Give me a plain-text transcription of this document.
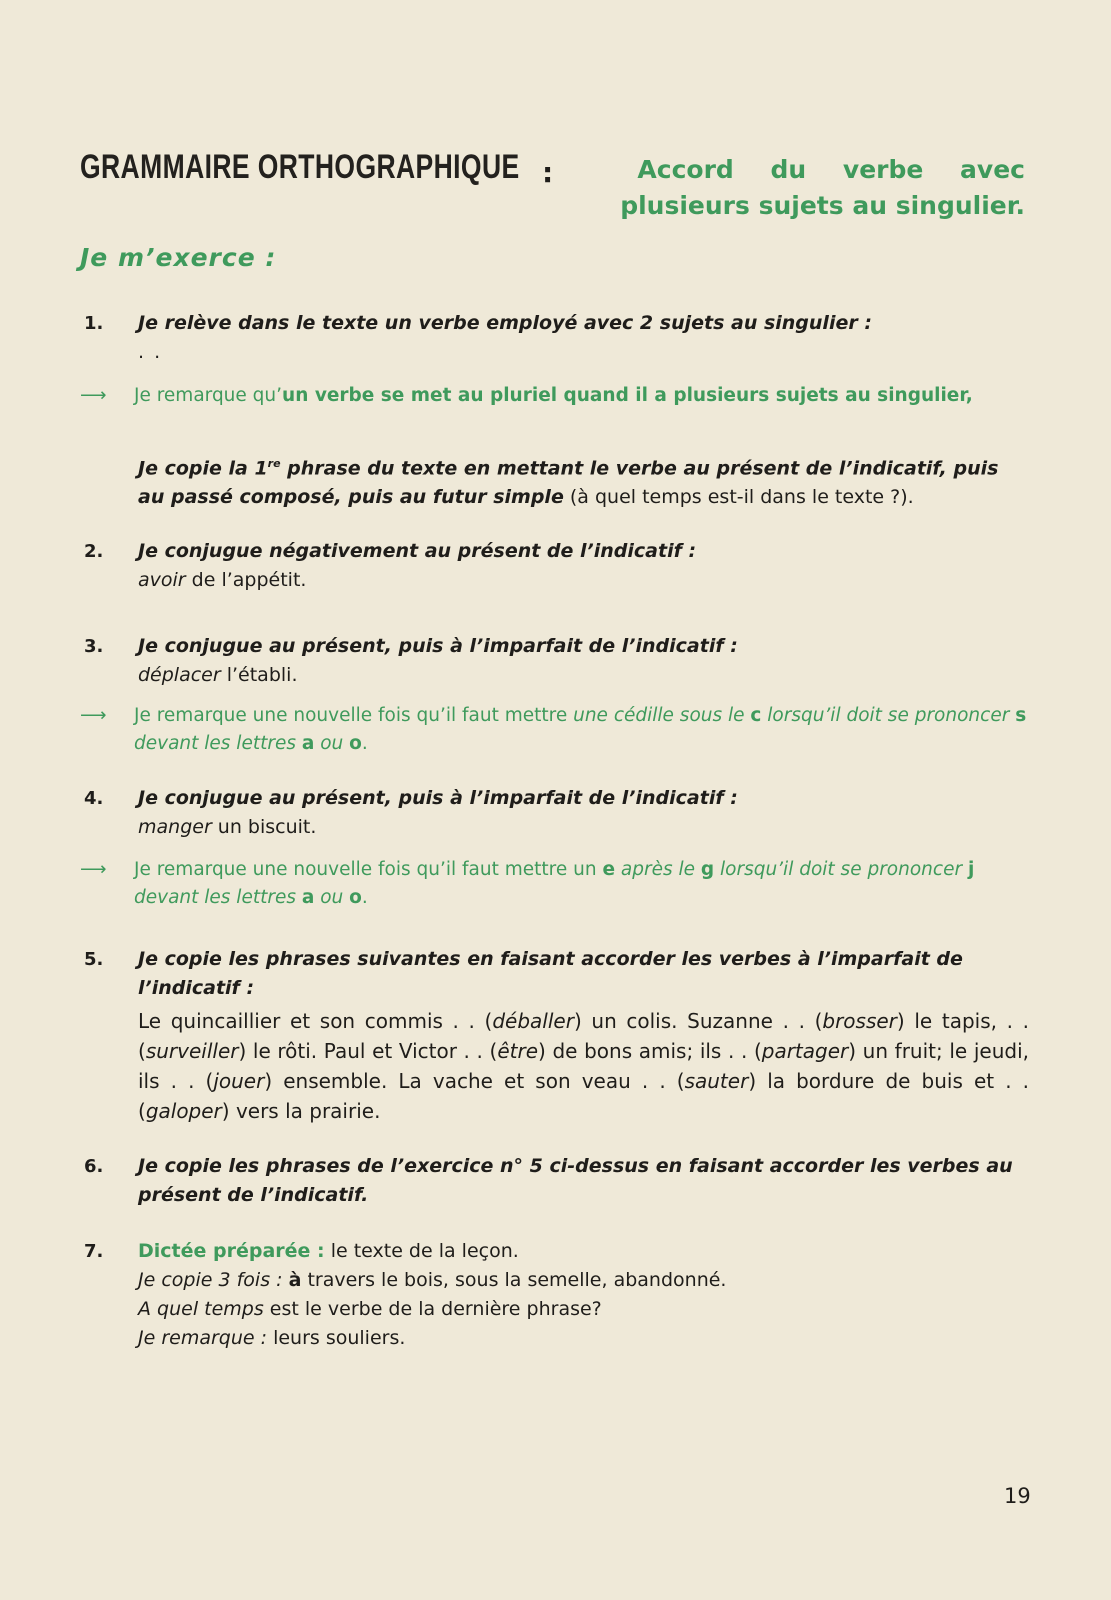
GRAMMAIRE ORTHOGRAPHIQUE :	Accord du verbe avec
plusieurs sujets au singulier.
Je m’exerce :
1. Je relève dans le texte un verbe employé avec 2 sujets au singulier :
. .
⟶ Je remarque qu’un verbe se met au pluriel quand il a plusieurs sujets au singulier,
Je copie la 1re phrase du texte en mettant le verbe au présent de l’indicatif, puis au passé composé, puis au futur simple (à quel temps est-il dans le texte ?).
2. Je conjugue négativement au présent de l’indicatif :
avoir de l’appétit.
3. Je conjugue au présent, puis à l’imparfait de l’indicatif :
déplacer l’établi.
⟶ Je remarque une nouvelle fois qu’il faut mettre une cédille sous le c lorsqu’il doit se prononcer s devant les lettres a ou o.
4. Je conjugue au présent, puis à l’imparfait de l’indicatif :
manger un biscuit.
⟶ Je remarque une nouvelle fois qu’il faut mettre un e après le g lorsqu’il doit se prononcer j devant les lettres a ou o.
5. Je copie les phrases suivantes en faisant accorder les verbes à l’imparfait de l’indicatif :
Le quincaillier et son commis . . (déballer) un colis. Suzanne . . (brosser) le tapis, . . (surveiller) le rôti. Paul et Victor . . (être) de bons amis; ils . . (partager) un fruit; le jeudi, ils . . (jouer) ensemble. La vache et son veau . . (sauter) la bordure de buis et . . (galoper) vers la prairie.
6. Je copie les phrases de l’exercice n° 5 ci-dessus en faisant accorder les verbes au présent de l’indicatif.
7. Dictée préparée : le texte de la leçon.
Je copie 3 fois : à travers le bois, sous la semelle, abandonné.
A quel temps est le verbe de la dernière phrase?
Je remarque : leurs souliers.
19
